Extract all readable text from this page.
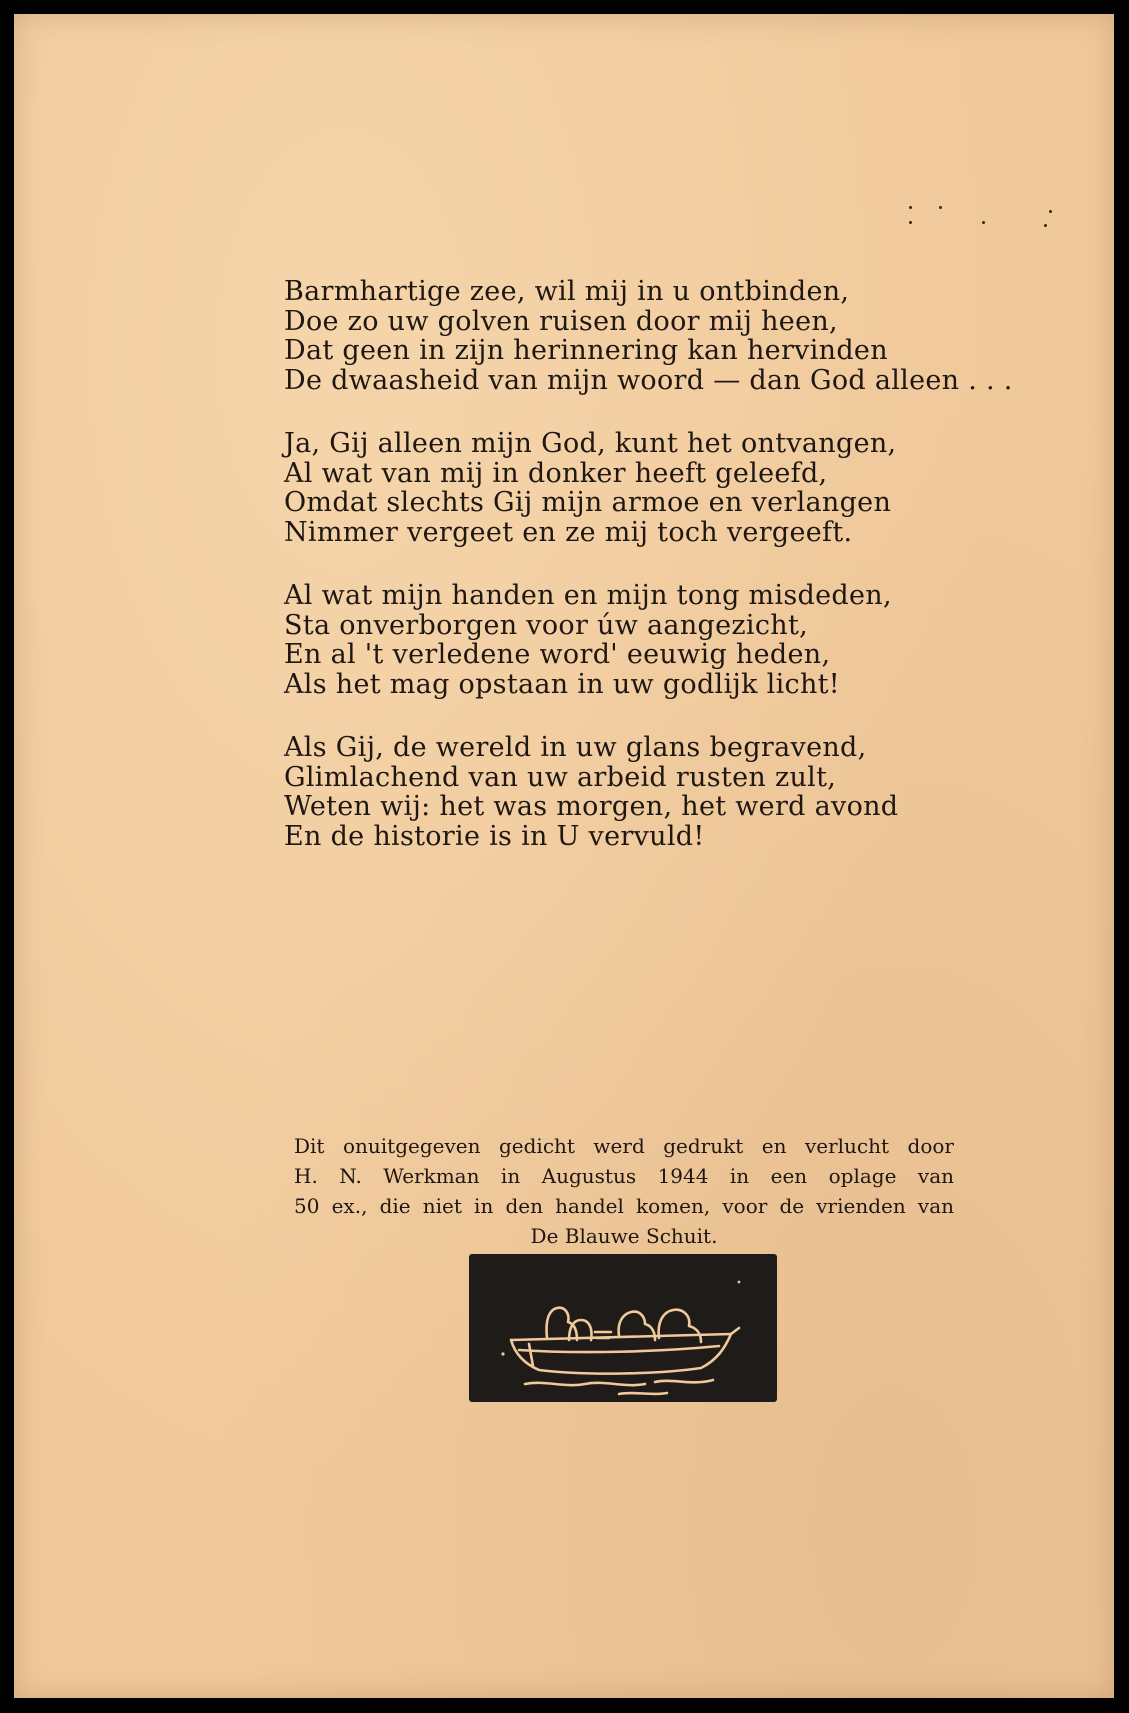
Barmhartige zee, wil mij in u ontbinden,
Doe zo uw golven ruisen door mij heen,
Dat geen in zijn herinnering kan hervinden
De dwaasheid van mijn woord — dan God alleen . . .
Ja, Gij alleen mijn God, kunt het ontvangen,
Al wat van mij in donker heeft geleefd,
Omdat slechts Gij mijn armoe en verlangen
Nimmer vergeet en ze mij toch vergeeft.
Al wat mijn handen en mijn tong misdeden,
Sta onverborgen voor úw aangezicht,
En al 't verledene word' eeuwig heden,
Als het mag opstaan in uw godlijk licht!
Als Gij, de wereld in uw glans begravend,
Glimlachend van uw arbeid rusten zult,
Weten wij: het was morgen, het werd avond
En de historie is in U vervuld!
Dit onuitgegeven gedicht werd gedrukt en verlucht door
H. N. Werkman in Augustus 1944 in een oplage van
50 ex., die niet in den handel komen, voor de vrienden van
De Blauwe Schuit.
